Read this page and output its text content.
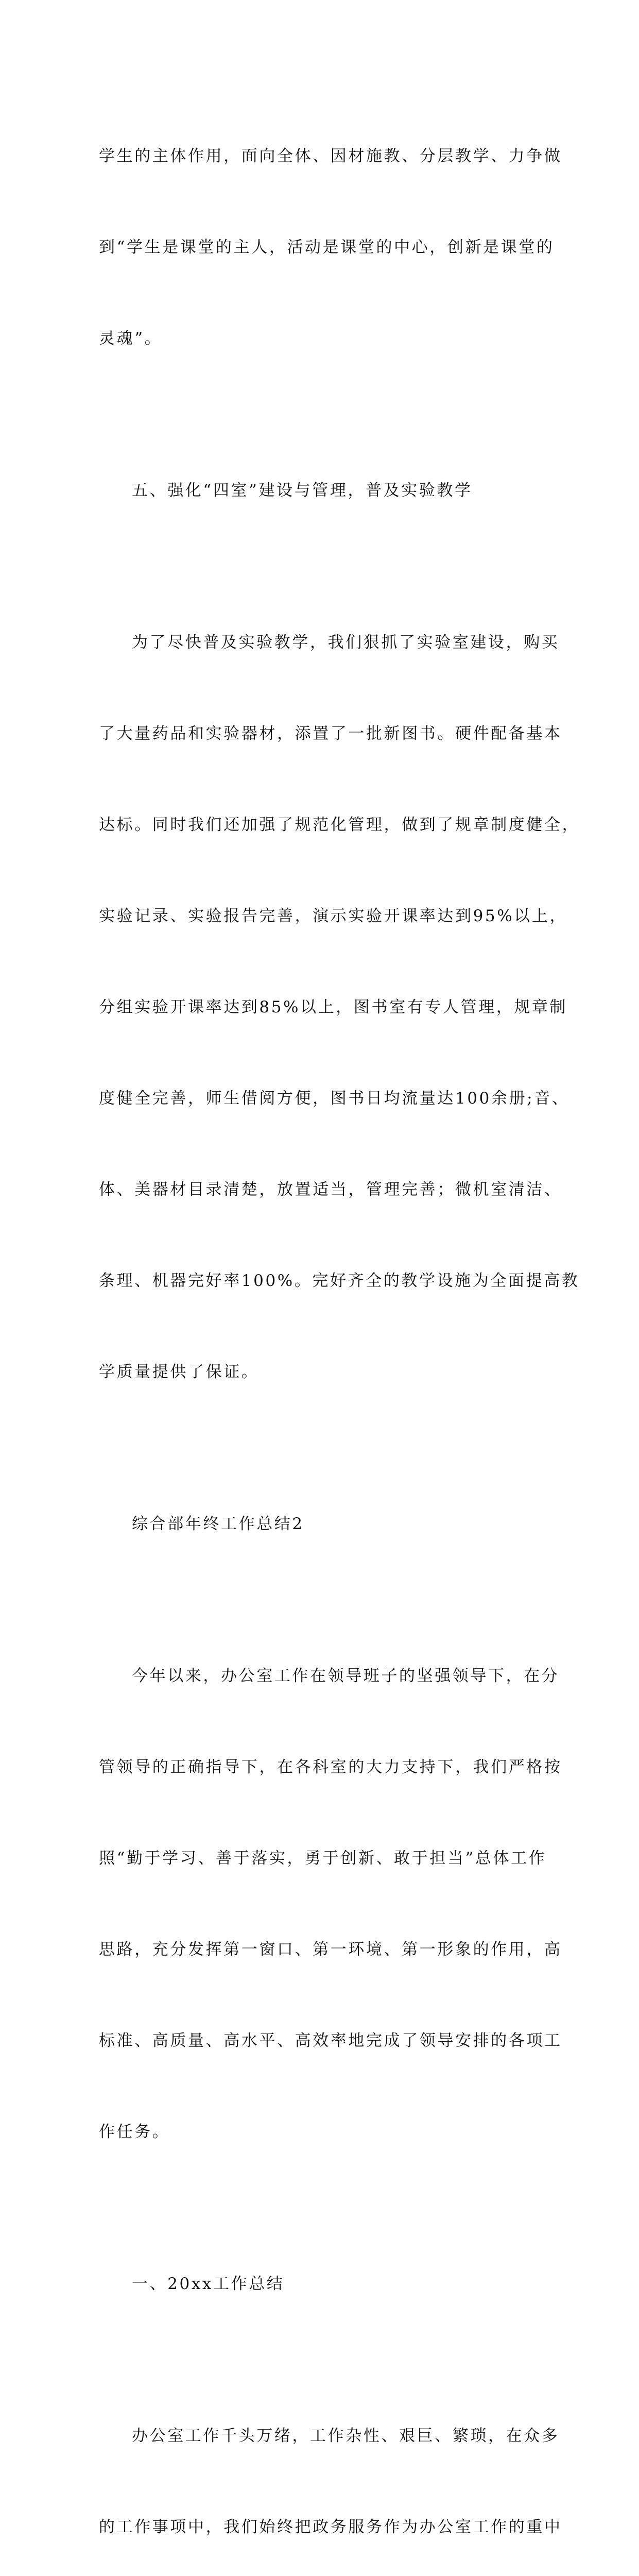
学生的主体作用，面向全体、因材施教、分层教学、力争做

到“学生是课堂的主人，活动是课堂的中心，创新是课堂的

灵魂”。

五、强化“四室”建设与管理，普及实验教学

为了尽快普及实验教学，我们狠抓了实验室建设，购买

了大量药品和实验器材，添置了一批新图书。硬件配备基本

达标。同时我们还加强了规范化管理，做到了规章制度健全，

实验记录、实验报告完善，演示实验开课率达到95%以上，

分组实验开课率达到85%以上，图书室有专人管理，规章制

度健全完善，师生借阅方便，图书日均流量达100余册;音、

体、美器材目录清楚，放置适当，管理完善；微机室清洁、

条理、机器完好率100%。完好齐全的教学设施为全面提高教

学质量提供了保证。

综合部年终工作总结2

今年以来，办公室工作在领导班子的坚强领导下，在分

管领导的正确指导下，在各科室的大力支持下，我们严格按

照“勤于学习、善于落实，勇于创新、敢于担当”总体工作

思路，充分发挥第一窗口、第一环境、第一形象的作用，高

标准、高质量、高水平、高效率地完成了领导安排的各项工

作任务。

一、20xx工作总结

办公室工作千头万绪，工作杂性、艰巨、繁琐，在众多

的工作事项中，我们始终把政务服务作为办公室工作的重中
